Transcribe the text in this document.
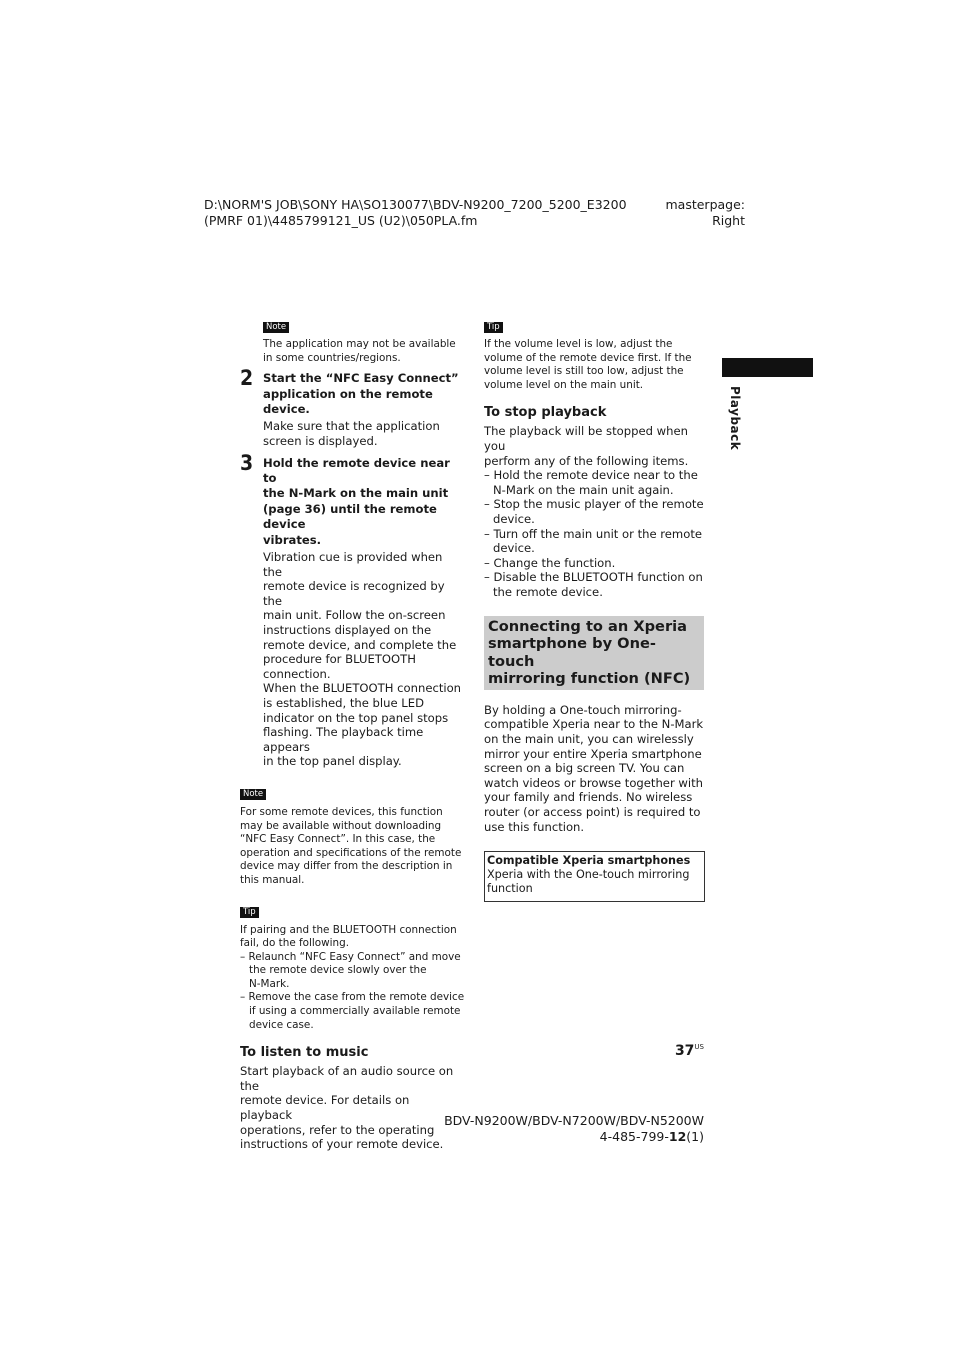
D:\NORM'S JOB\SONY HA\SO130077\BDV-N9200_7200_5200_E3200
(PMRF 01)\4485799121_US (U2)\050PLA.fm
masterpage:
Right
Playback
Note
The application may not be available
in some countries/regions.
2 Start the “NFC Easy Connect”
application on the remote device.
Make sure that the application
screen is displayed.
3 Hold the remote device near to
the N-Mark on the main unit
(page 36) until the remote device
vibrates.
Vibration cue is provided when the
remote device is recognized by the
main unit. Follow the on-screen
instructions displayed on the
remote device, and complete the
procedure for BLUETOOTH
connection.
When the BLUETOOTH connection
is established, the blue LED
indicator on the top panel stops
flashing. The playback time appears
in the top panel display.
Note
For some remote devices, this function
may be available without downloading
“NFC Easy Connect”. In this case, the
operation and specifications of the remote
device may differ from the description in
this manual.
Tip
If pairing and the BLUETOOTH connection
fail, do the following.
– Relaunch “NFC Easy Connect” and move
the remote device slowly over the
N-Mark.
– Remove the case from the remote device
if using a commercially available remote
device case.
To listen to music
Start playback of an audio source on the
remote device. For details on playback
operations, refer to the operating
instructions of your remote device.
Tip
If the volume level is low, adjust the
volume of the remote device first. If the
volume level is still too low, adjust the
volume level on the main unit.
To stop playback
The playback will be stopped when you
perform any of the following items.
– Hold the remote device near to the
N-Mark on the main unit again.
– Stop the music player of the remote
device.
– Turn off the main unit or the remote
device.
– Change the function.
– Disable the BLUETOOTH function on
the remote device.
Connecting to an Xperia
smartphone by One-touch
mirroring function (NFC)
By holding a One-touch mirroring-
compatible Xperia near to the N-Mark
on the main unit, you can wirelessly
mirror your entire Xperia smartphone
screen on a big screen TV. You can
watch videos or browse together with
your family and friends. No wireless
router (or access point) is required to
use this function.
Compatible Xperia smartphones
Xperia with the One-touch mirroring
function
$37^{US}$
BDV-N9200W/BDV-N7200W/BDV-N5200W
4-485-799-12(1)
